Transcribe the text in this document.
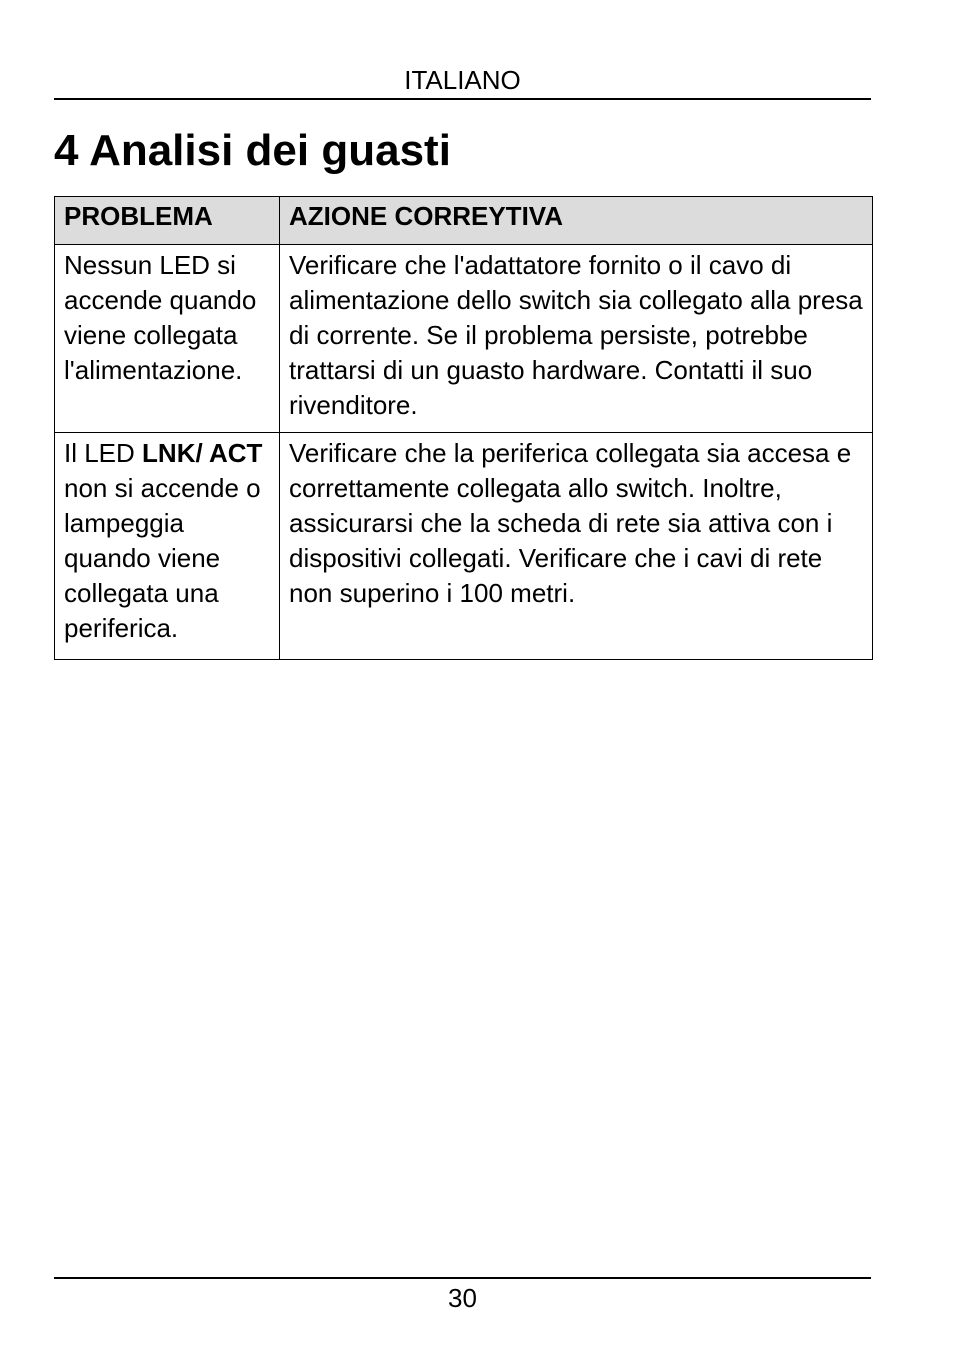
ITALIANO
4 Analisi dei guasti
PROBLEMA	AZIONE CORREYTIVA
Nessun LED si accende quando viene collegata l'alimentazione.	Verificare che l'adattatore fornito o il cavo di alimentazione dello switch sia collegato alla presa di corrente. Se il problema persiste, potrebbe trattarsi di un guasto hardware. Contatti il suo rivenditore.
Il LED LNK/ ACT non si accende o lampeggia quando viene collegata una periferica.	Verificare che la periferica collegata sia accesa e correttamente collegata allo switch. Inoltre, assicurarsi che la scheda di rete sia attiva con i dispositivi collegati. Verificare che i cavi di rete non superino i 100 metri.
30
